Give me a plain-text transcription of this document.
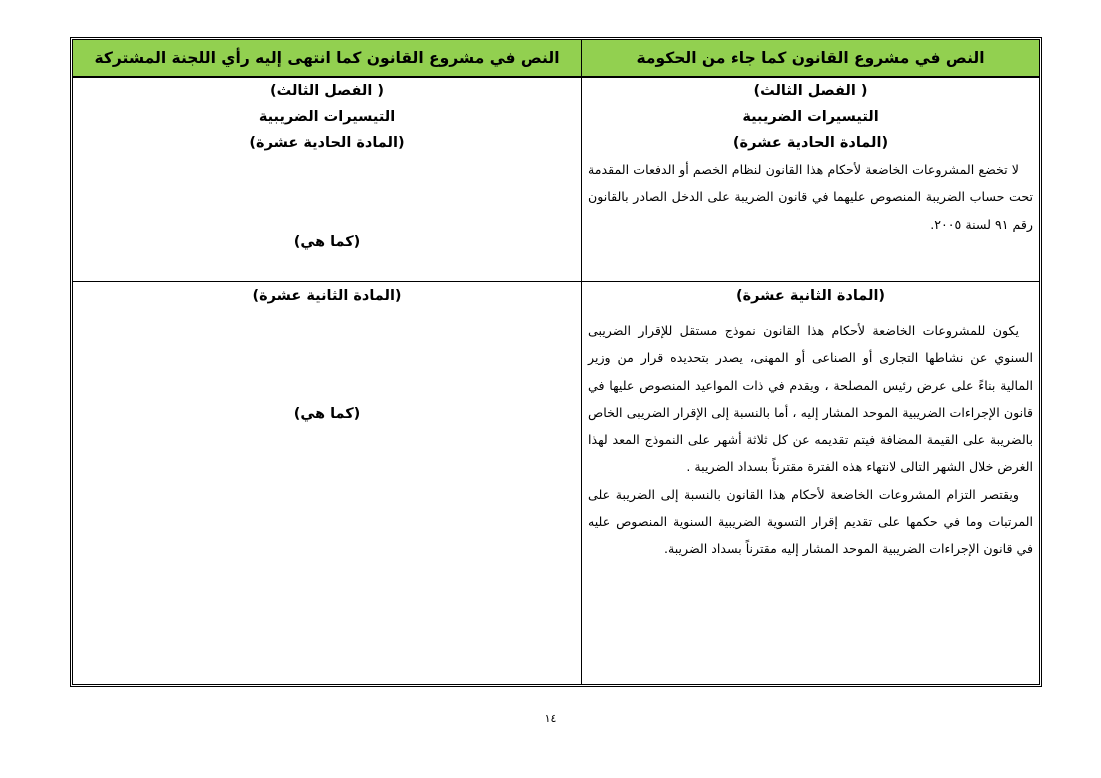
النص في مشروع القانون كما جاء من الحكومة
النص في مشروع القانون كما انتهى إليه رأي اللجنة المشتركة
( الفصل الثالث)
التيسيرات الضريبية
(المادة الحادية عشرة)
لا تخضع المشروعات الخاضعة لأحكام هذا القانون لنظام الخصم أو الدفعات المقدمة تحت حساب الضريبة المنصوص عليهما في قانون الضريبة على الدخل الصادر بالقانون رقم ٩١ لسنة ٢٠٠٥.
( الفصل الثالث)
التيسيرات الضريبية
(المادة الحادية عشرة)
(كما هي)
(المادة الثانية عشرة)
يكون للمشروعات الخاضعة لأحكام هذا القانون نموذج مستقل للإقرار الضريبى السنوي عن نشاطها التجارى أو الصناعى أو المهنى، يصدر بتحديده قرار من وزير المالية بناءً على عرض رئيس المصلحة ، ويقدم في ذات المواعيد المنصوص عليها في قانون الإجراءات الضريبية الموحد المشار إليه ، أما بالنسبة إلى الإقرار الضريبى الخاص بالضريبة على القيمة المضافة فيتم تقديمه عن كل ثلاثة أشهر على النموذج المعد لهذا الغرض خلال الشهر التالى لانتهاء هذه الفترة مقترناً بسداد الضريبة .
ويقتصر التزام المشروعات الخاضعة لأحكام هذا القانون بالنسبة إلى الضريبة على المرتبات وما في حكمها على تقديم إقرار التسوية الضريبية السنوية المنصوص عليه في قانون الإجراءات الضريبية الموحد المشار إليه مقترناً بسداد الضريبة.
(المادة الثانية عشرة)
(كما هي)
١٤
